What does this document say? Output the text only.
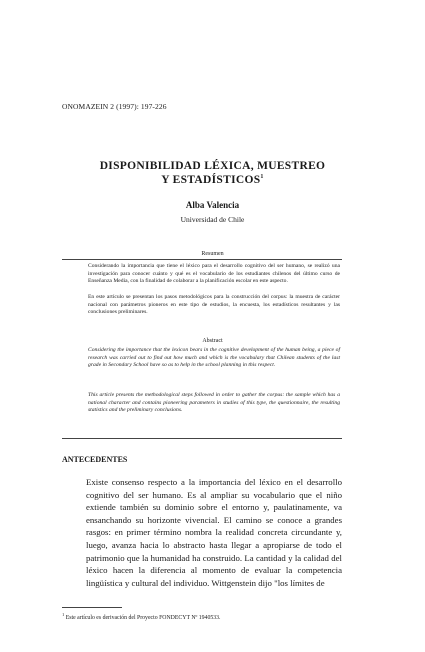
ONOMAZEIN 2 (1997): 197-226
DISPONIBILIDAD LÉXICA, MUESTREO
Y ESTADÍSTICOS$^1$
Alba Valencia
Universidad de Chile
Resumen
Considerando la importancia que tiene el léxico para el desarrollo cognitivo del ser humano, se realizó una investigación para conocer cuánto y qué es el vocabulario de los estudiantes chilenos del último curso de Enseñanza Media, con la finalidad de colaborar a la planificación escolar en este aspecto.
En este artículo se presentan los pasos metodológicos para la construcción del corpus: la muestra de carácter nacional con parámetros pioneros en este tipo de estudios, la encuesta, los estadísticos resultantes y las conclusiones preliminares.
Abstract
Considering the importance that the lexicon bears in the cognitive development of the human being, a piece of research was carried out to find out how much and which is the vocabulary that Chilean students of the last grade in Secondary School have so as to help in the school planning in this respect.
This article presents the methodological steps followed in order to gather the corpus: the sample which has a national character and contains pioneering parameters in studies of this type, the questionnaire, the resulting statistics and the preliminary conclusions.
ANTECEDENTES
Existe consenso respecto a la importancia del léxico en el desarrollo cognitivo del ser humano. Es al ampliar su vocabulario que el niño extiende también su dominio sobre el entorno y, paulatinamente, va ensanchando su horizonte vivencial. El camino se conoce a grandes rasgos: en primer término nombra la realidad concreta circundante y, luego, avanza hacia lo abstracto hasta llegar a apropiarse de todo el patrimonio que la humanidad ha construido. La cantidad y la calidad del léxico hacen la diferencia al momento de evaluar la competencia lingüística y cultural del individuo. Wittgenstein dijo "los límites de
$^1$ Este artículo es derivación del Proyecto FONDECYT Nº 1940533.
